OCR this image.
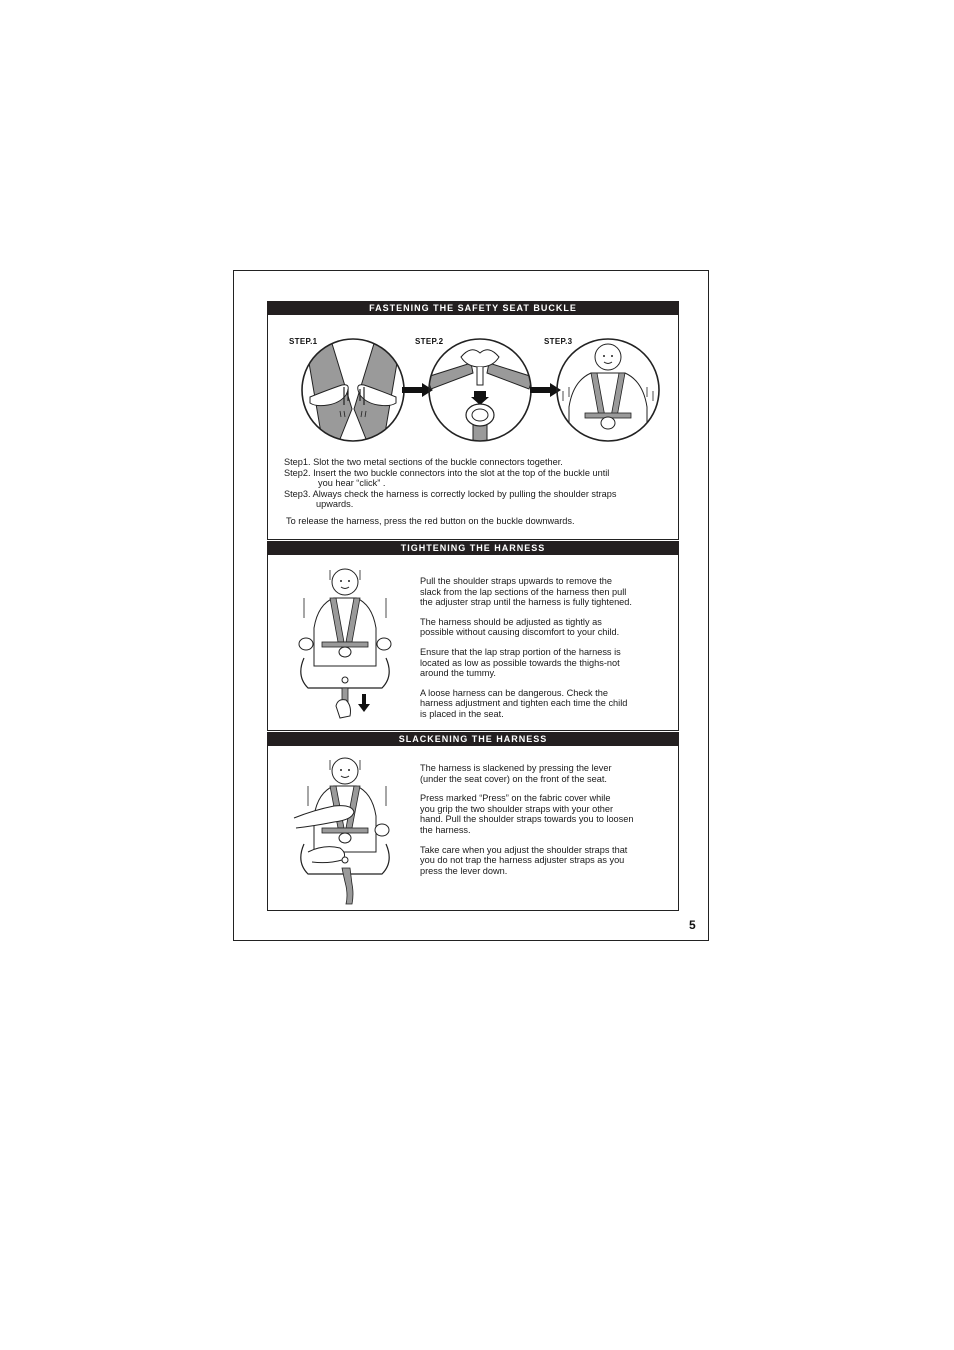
FASTENING THE SAFETY SEAT BUCKLE
STEP.1	STEP.2	STEP.3
Step1. Slot the two metal sections of the buckle connectors together.
Step2. Insert the two buckle connectors into the slot at the top of the buckle until
you hear “click” .
Step3. Always check the harness is correctly locked by pulling the shoulder straps
upwards.
To release the harness, press the red button on the buckle downwards.
TIGHTENING THE HARNESS
Pull the shoulder straps upwards to remove the
slack from the lap sections of the harness then pull
the adjuster strap until the harness is fully tightened.
The harness should be adjusted as tightly as
possible without causing discomfort to your child.
Ensure that the lap strap portion of the harness is
located as low as possible towards the thighs-not
around the tummy.
A loose harness can be dangerous. Check the
harness adjustment and tighten each time the child
is placed in the seat.
SLACKENING THE HARNESS
The harness is slackened by pressing the lever
(under the seat cover) on the front of the seat.
Press marked “Press” on the fabric cover while
you grip the two shoulder straps with your other
hand. Pull the shoulder straps towards you to loosen
the harness.
Take care when you adjust the shoulder straps that
you do not trap the harness adjuster straps as you
press the lever down.
5
